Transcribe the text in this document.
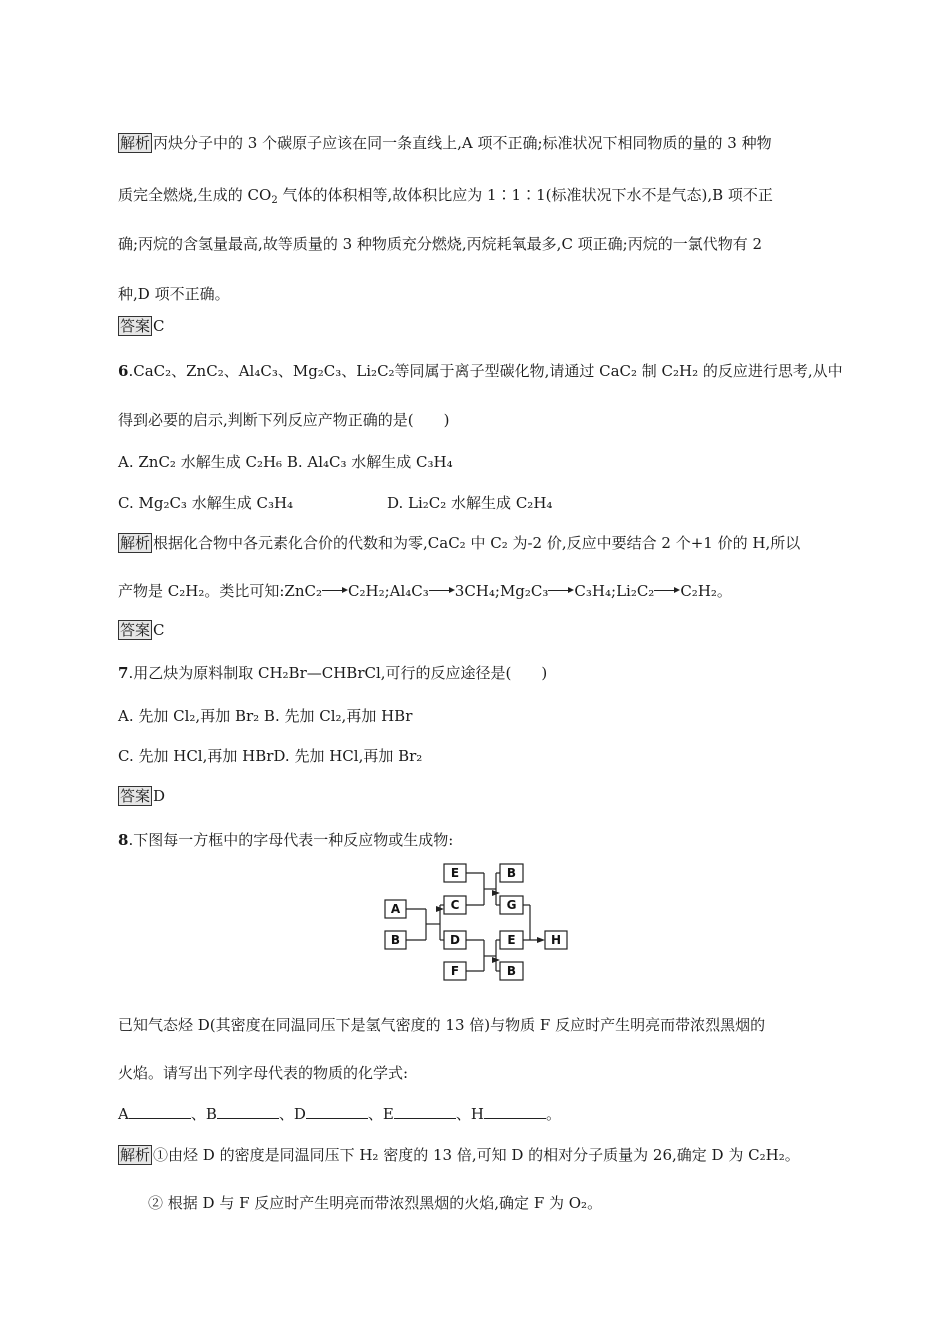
解析 丙炔分子中的 3 个碳原子应该在同一条直线上,A 项不正确;标准状况下相同物质的量的 3 种物
质完全燃烧,生成的 $CO_2$ 气体的体积相等,故体积比应为 1∶1∶1(标准状况下水不是气态),B 项不正
确;丙烷的含氢量最高,故等质量的 3 种物质充分燃烧,丙烷耗氧最多,C 项正确;丙烷的一氯代物有 2
种,D 项不正确。
答案 C
6.CaC₂、ZnC₂、Al₄C₃、Mg₂C₃、Li₂C₂等同属于离子型碳化物,请通过 CaC₂ 制 C₂H₂ 的反应进行思考,从中
得到必要的启示,判断下列反应产物正确的是(　　)
A. ZnC₂ 水解生成 C₂H₆ B. Al₄C₃ 水解生成 C₃H₄
C. Mg₂C₃ 水解生成 C₃H₄	D. Li₂C₂ 水解生成 C₂H₄
解析 根据化合物中各元素化合价的代数和为零,CaC₂ 中 C₂ 为-2 价,反应中要结合 2 个+1 价的 H,所以
产物是 C₂H₂。类比可知:ZnC₂ C₂H₂;Al₄C₃ 3CH₄;Mg₂C₃ C₃H₄;Li₂C₂ C₂H₂。
答案 C
7.用乙炔为原料制取 CH₂Br—CHBrCl,可行的反应途径是(　　)
A. 先加 Cl₂,再加 Br₂ B. 先加 Cl₂,再加 HBr
C. 先加 HCl,再加 HBrD. 先加 HCl,再加 Br₂
答案 D
8.下图每一方框中的字母代表一种反应物或生成物:
A
B
C
D
E	B
G
F
E
B
H
已知气态烃 D(其密度在同温同压下是氢气密度的 13 倍)与物质 F 反应时产生明亮而带浓烈黑烟的
火焰。请写出下列字母代表的物质的化学式:
A	、B	、D	、E	、H	。
解析 ①由烃 D 的密度是同温同压下 H₂ 密度的 13 倍,可知 D 的相对分子质量为 26,确定 D 为 C₂H₂。
② 根据 D 与 F 反应时产生明亮而带浓烈黑烟的火焰,确定 F 为 O₂。
